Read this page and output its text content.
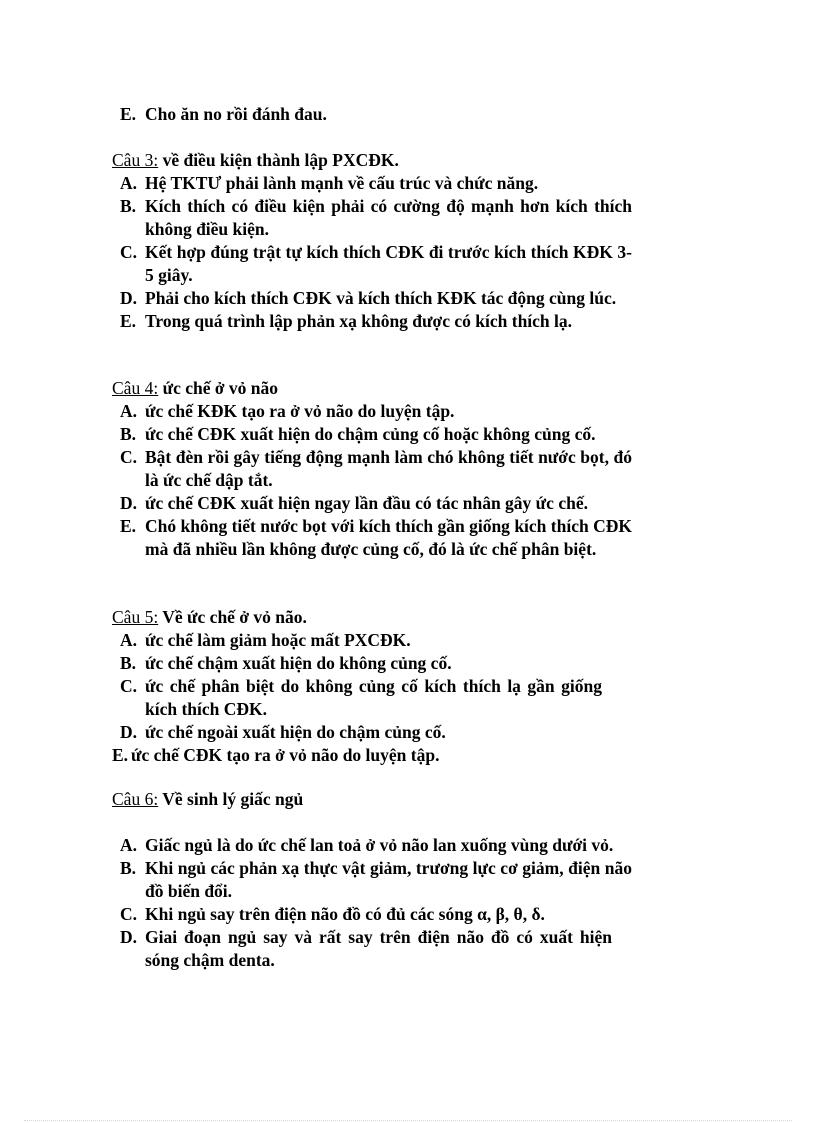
E. Cho ăn no rồi đánh đau.
Câu 3: về điều kiện thành lập PXCĐK.
A. Hệ TKTƯ phải lành mạnh về cấu trúc và chức năng.
B. Kích thích có điều kiện phải có cường độ mạnh hơn kích thích không điều kiện.
C. Kết hợp đúng trật tự kích thích CĐK đi trước kích thích KĐK 3-5 giây.
D. Phải cho kích thích CĐK và kích thích KĐK tác động cùng lúc.
E. Trong quá trình lập phản xạ không được có kích thích lạ.
Câu 4: ức chế ở vỏ não
A. ức chế KĐK tạo ra ở vỏ não do luyện tập.
B. ức chế CĐK xuất hiện do chậm củng cố hoặc không củng cố.
C. Bật đèn rồi gây tiếng động mạnh làm chó không tiết nước bọt, đó là ức chế dập tắt.
D. ức chế CĐK xuất hiện ngay lần đầu có tác nhân gây ức chế.
E. Chó không tiết nước bọt với kích thích gần giống kích thích CĐK mà đã nhiều lần không được củng cố, đó là ức chế phân biệt.
Câu 5: Về ức chế ở vỏ não.
A. ức chế làm giảm hoặc mất PXCĐK.
B. ức chế chậm xuất hiện do không củng cố.
C. ức chế phân biệt do không củng cố kích thích lạ gần giống kích thích CĐK.
D. ức chế ngoài xuất hiện do chậm củng cố.
E. ức chế CĐK tạo ra ở vỏ não do luyện tập.
Câu 6: Về sinh lý giấc ngủ
A. Giấc ngủ là do ức chế lan toả ở vỏ não lan xuống vùng dưới vỏ.
B. Khi ngủ các phản xạ thực vật giảm, trương lực cơ giảm, điện não đồ biến đổi.
C. Khi ngủ say trên điện não đồ có đủ các sóng α, β, θ, δ.
D. Giai đoạn ngủ say và rất say trên điện não đồ có xuất hiện sóng chậm denta.
